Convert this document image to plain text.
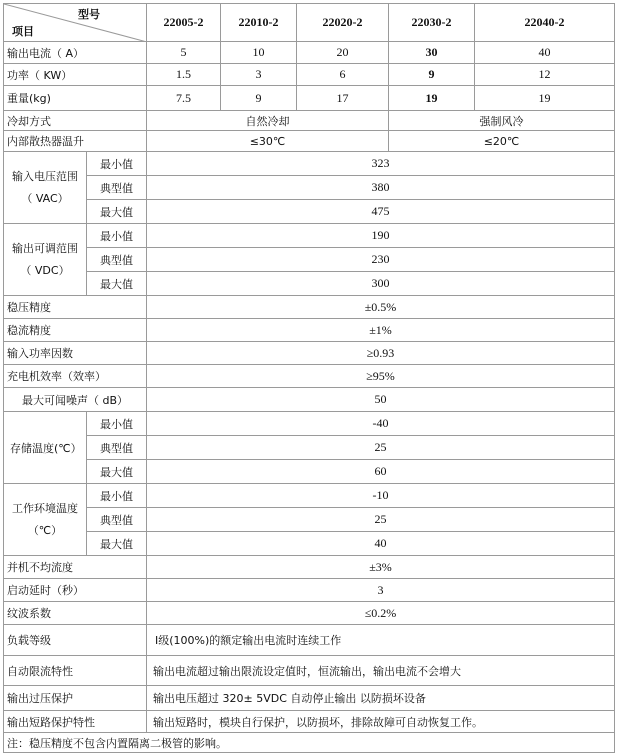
型号
项目		22005-2	22010-2	22020-2	22030-2	22040-2
输出电流（ A）		5	10	20	30	40
功率（ KW）		1.5	3	6	9	12
重量(kg)		7.5	9	17	19	19
冷却方式		自然冷却			强制风冷	
内部散热器温升		≤30℃			≤20℃	
输入电压范围（ VAC）	最小值	323				
	典型值	380				
	最大值	475				
输出可调范围（ VDC）	最小值	190				
	典型值	230				
	最大值	300				
稳压精度		±0.5%				
稳流精度		±1%				
输入功率因数		≥0.93				
充电机效率（效率）		≥95%				
最大可闻噪声（ dB）		50				
存储温度(℃）	最小值	-40				
	典型值	25				
	最大值	60				
工作环境温度（℃）	最小值	-10				
	典型值	25				
	最大值	40				
并机不均流度		±3%				
启动延时（秒）		3				
纹波系数		≤0.2%				
负载等级		Ⅰ级(100%)的额定输出电流时连续工作				
自动限流特性		输出电流超过输出限流设定值时，恒流输出，输出电流不会增大				
输出过压保护		输出电压超过 320± 5VDC 自动停止输出 以防损坏设备				
输出短路保护特性		输出短路时，模块自行保护，以防损坏，排除故障可自动恢复工作。				
注：稳压精度不包含内置隔离二极管的影响。						
